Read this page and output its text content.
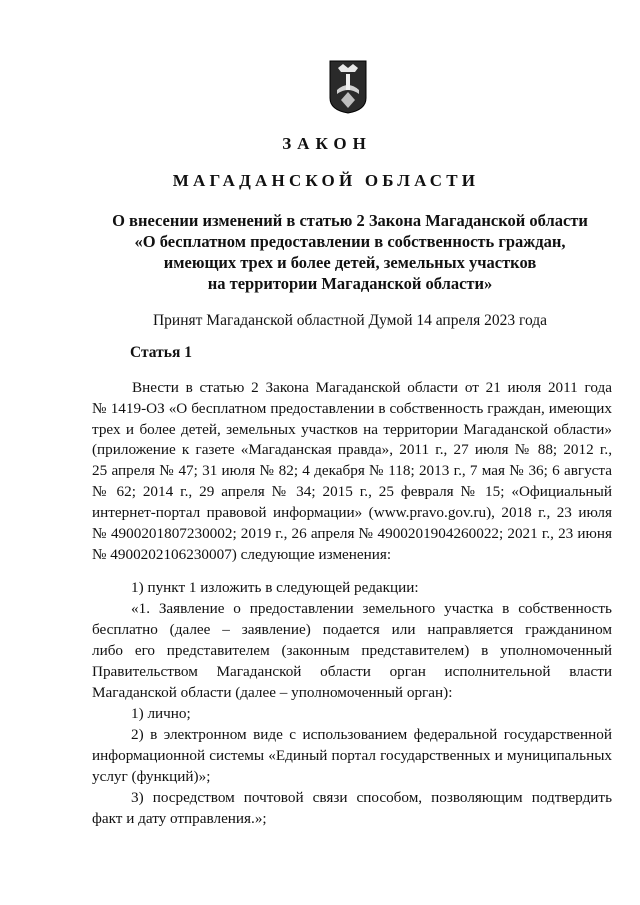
ЗАКОН
МАГАДАНСКОЙ ОБЛАСТИ
О внесении изменений в статью 2 Закона Магаданской области
«О бесплатном предоставлении в собственность граждан,
имеющих трех и более детей, земельных участков
на территории Магаданской области»
Принят Магаданской областной Думой 14 апреля 2023 года
Статья 1
Внести в статью 2 Закона Магаданской области от 21 июля 2011 года
№ 1419-ОЗ «О бесплатном предоставлении в собственность граждан, имеющих
трех и более детей, земельных участков на территории Магаданской области»
(приложение к газете «Магаданская правда», 2011 г., 27 июля № 88; 2012 г.,
25 апреля № 47; 31 июля № 82; 4 декабря № 118; 2013 г., 7 мая № 36; 6 августа
№ 62; 2014 г., 29 апреля № 34; 2015 г., 25 февраля № 15; «Официальный
интернет-портал правовой информации» (www.pravo.gov.ru), 2018 г., 23 июля
№ 4900201807230002; 2019 г., 26 апреля № 4900201904260022; 2021 г., 23 июня
№ 4900202106230007) следующие изменения:
1) пункт 1 изложить в следующей редакции:
«1. Заявление о предоставлении земельного участка в собственность
бесплатно (далее – заявление) подается или направляется гражданином
либо его представителем (законным представителем) в уполномоченный
Правительством Магаданской области орган исполнительной власти
Магаданской области (далее – уполномоченный орган):
1) лично;
2) в электронном виде с использованием федеральной государственной
информационной системы «Единый портал государственных и муниципальных
услуг (функций)»;
3) посредством почтовой связи способом, позволяющим подтвердить
факт и дату отправления.»;
